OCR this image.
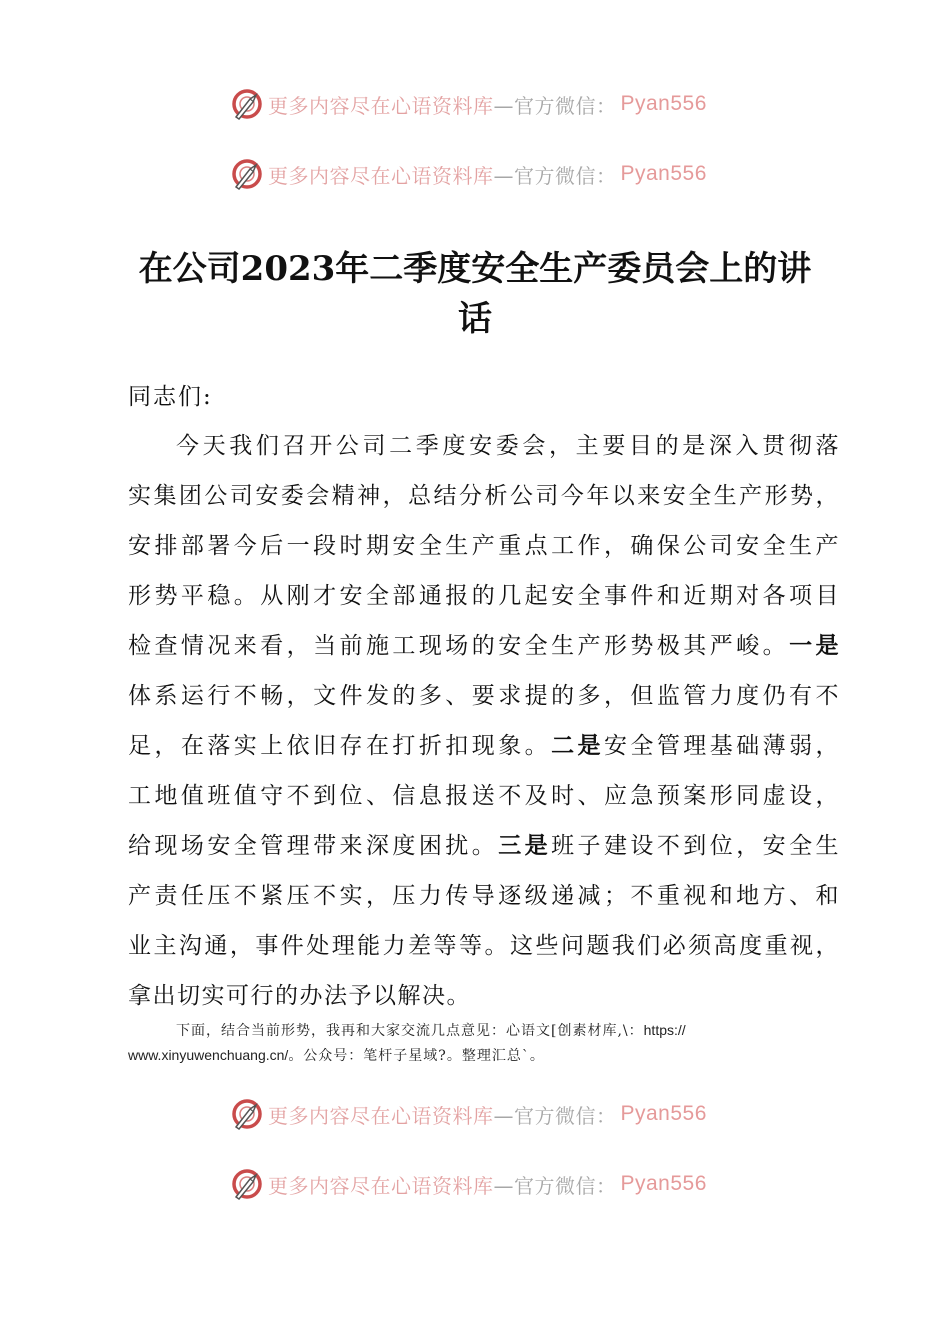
更多内容尽在心语资料库 —官方微信： Pyan556
更多内容尽在心语资料库 —官方微信： Pyan556
在公司2023年二季度安全生产委员会上的讲
话
同志们:
今天我们召开公司二季度安委会，主要目的是深入贯彻落
实集团公司安委会精神，总结分析公司今年以来安全生产形势，
安排部署今后一段时期安全生产重点工作，确保公司安全生产
形势平稳。从刚才安全部通报的几起安全事件和近期对各项目
检查情况来看，当前施工现场的安全生产形势极其严峻。一是
体系运行不畅，文件发的多、要求提的多，但监管力度仍有不
足，在落实上依旧存在打折扣现象。二是安全管理基础薄弱，
工地值班值守不到位、信息报送不及时、应急预案形同虚设，
给现场安全管理带来深度困扰。三是班子建设不到位，安全生
产责任压不紧压不实，压力传导逐级递减；不重视和地方、和
业主沟通，事件处理能力差等等。这些问题我们必须高度重视，
拿出切实可行的办法予以解决。
下面，结合当前形势，我再和大家交流几点意见：心语文[创素材库,\：https://
www.xinyuwenchuang.cn/。公众号：笔杆子星域?。整理汇总`。
更多内容尽在心语资料库 —官方微信： Pyan556
更多内容尽在心语资料库 —官方微信： Pyan556
